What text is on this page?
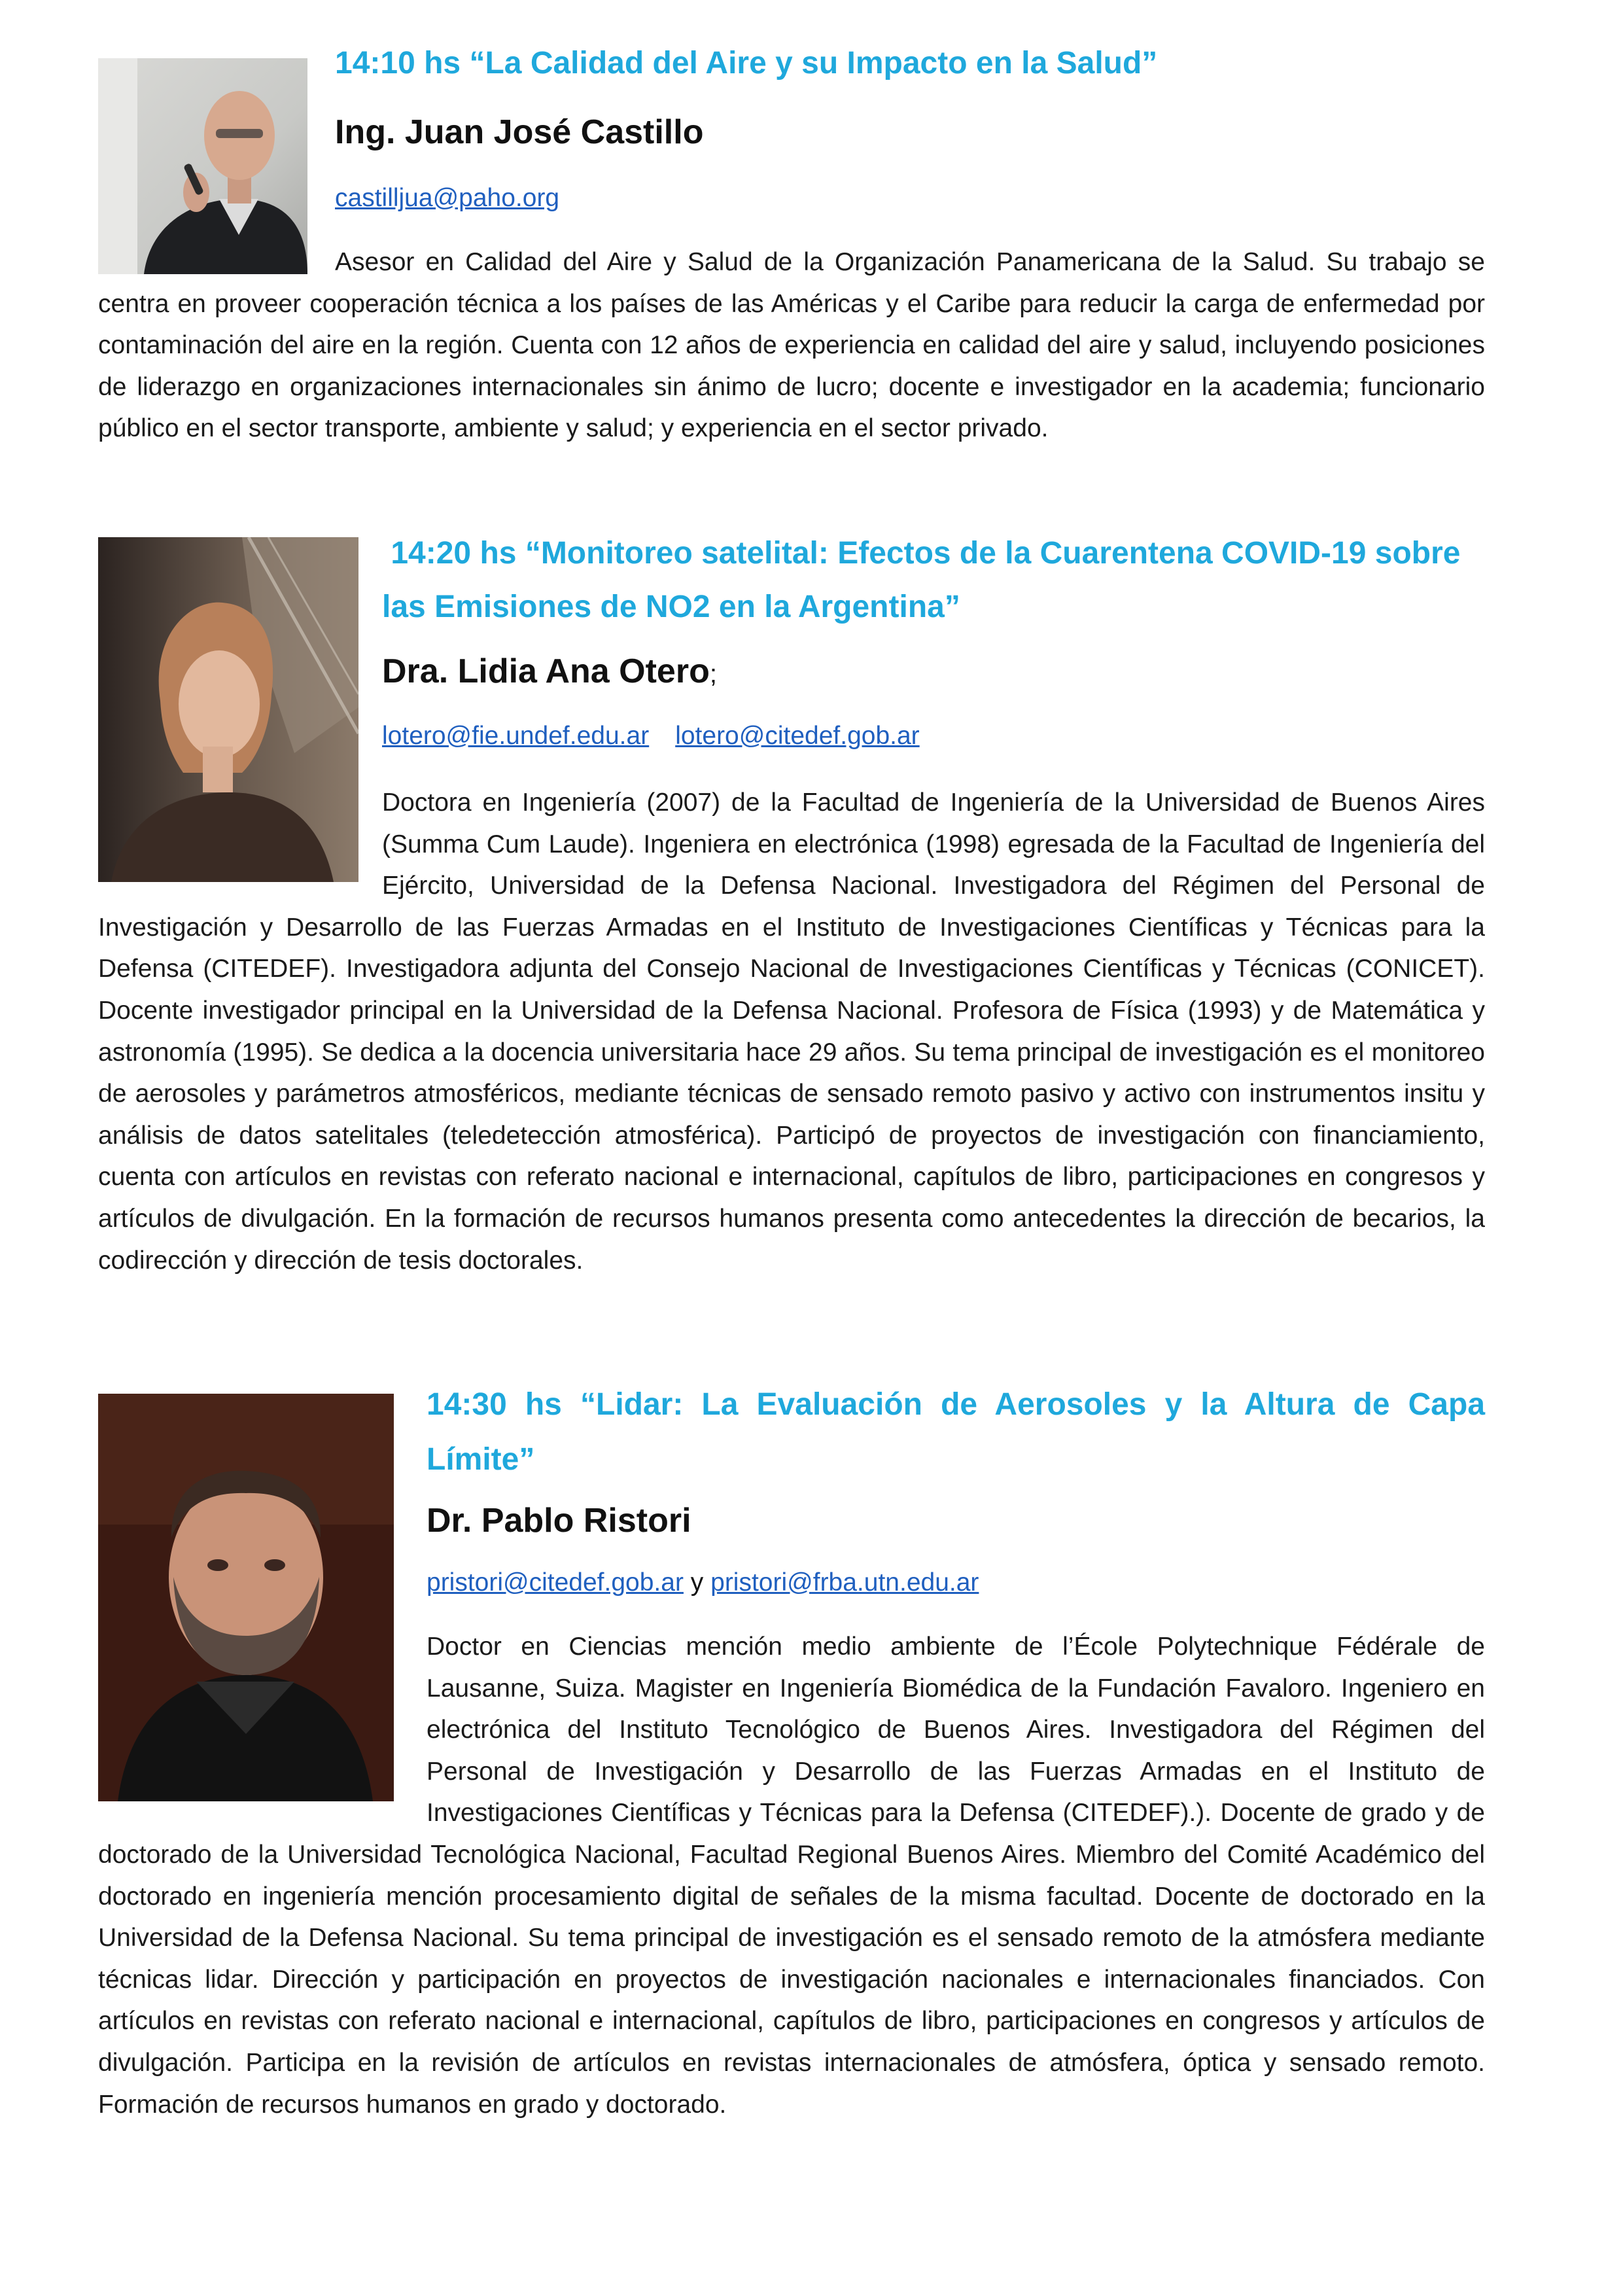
14:10 hs “La Calidad del Aire y su Impacto en la Salud”

Ing. Juan José Castillo

castilljua@paho.org

Asesor en Calidad del Aire y Salud de la Organización Panamericana de la Salud. Su trabajo se centra en proveer cooperación técnica a los países de las Américas y el Caribe para reducir la carga de enfermedad por contaminación del aire en la región. Cuenta con 12 años de experiencia en calidad del aire y salud, incluyendo posiciones de liderazgo en organizaciones internacionales sin ánimo de lucro; docente e investigador en la academia; funcionario público en el sector transporte, ambiente y salud; y experiencia en el sector privado.

14:20 hs “Monitoreo satelital: Efectos de la Cuarentena COVID-19 sobre las Emisiones de NO2 en la Argentina”

Dra. Lidia Ana Otero;

lotero@fie.undef.edu.ar lotero@citedef.gob.ar

Doctora en Ingeniería (2007) de la Facultad de Ingeniería de la Universidad de Buenos Aires (Summa Cum Laude). Ingeniera en electrónica (1998) egresada de la Facultad de Ingeniería del Ejército, Universidad de la Defensa Nacional. Investigadora del Régimen del Personal de Investigación y Desarrollo de las Fuerzas Armadas en el Instituto de Investigaciones Científicas y Técnicas para la Defensa (CITEDEF). Investigadora adjunta del Consejo Nacional de Investigaciones Científicas y Técnicas (CONICET). Docente investigador principal en la Universidad de la Defensa Nacional. Profesora de Física (1993) y de Matemática y astronomía (1995). Se dedica a la docencia universitaria hace 29 años. Su tema principal de investigación es el monitoreo de aerosoles y parámetros atmosféricos, mediante técnicas de sensado remoto pasivo y activo con instrumentos insitu y análisis de datos satelitales (teledetección atmosférica). Participó de proyectos de investigación con financiamiento, cuenta con artículos en revistas con referato nacional e internacional, capítulos de libro, participaciones en congresos y artículos de divulgación. En la formación de recursos humanos presenta como antecedentes la dirección de becarios, la codirección y dirección de tesis doctorales.

14:30 hs “Lidar: La Evaluación de Aerosoles y la Altura de Capa Límite”

Dr. Pablo Ristori

pristori@citedef.gob.ar y pristori@frba.utn.edu.ar

Doctor en Ciencias mención medio ambiente de l’École Polytechnique Fédérale de Lausanne, Suiza. Magister en Ingeniería Biomédica de la Fundación Favaloro. Ingeniero en electrónica del Instituto Tecnológico de Buenos Aires. Investigadora del Régimen del Personal de Investigación y Desarrollo de las Fuerzas Armadas en el Instituto de Investigaciones Científicas y Técnicas para la Defensa (CITEDEF).). Docente de grado y de doctorado de la Universidad Tecnológica Nacional, Facultad Regional Buenos Aires. Miembro del Comité Académico del doctorado en ingeniería mención procesamiento digital de señales de la misma facultad. Docente de doctorado en la Universidad de la Defensa Nacional. Su tema principal de investigación es el sensado remoto de la atmósfera mediante técnicas lidar. Dirección y participación en proyectos de investigación nacionales e internacionales financiados. Con artículos en revistas con referato nacional e internacional, capítulos de libro, participaciones en congresos y artículos de divulgación. Participa en la revisión de artículos en revistas internacionales de atmósfera, óptica y sensado remoto. Formación de recursos humanos en grado y doctorado.
